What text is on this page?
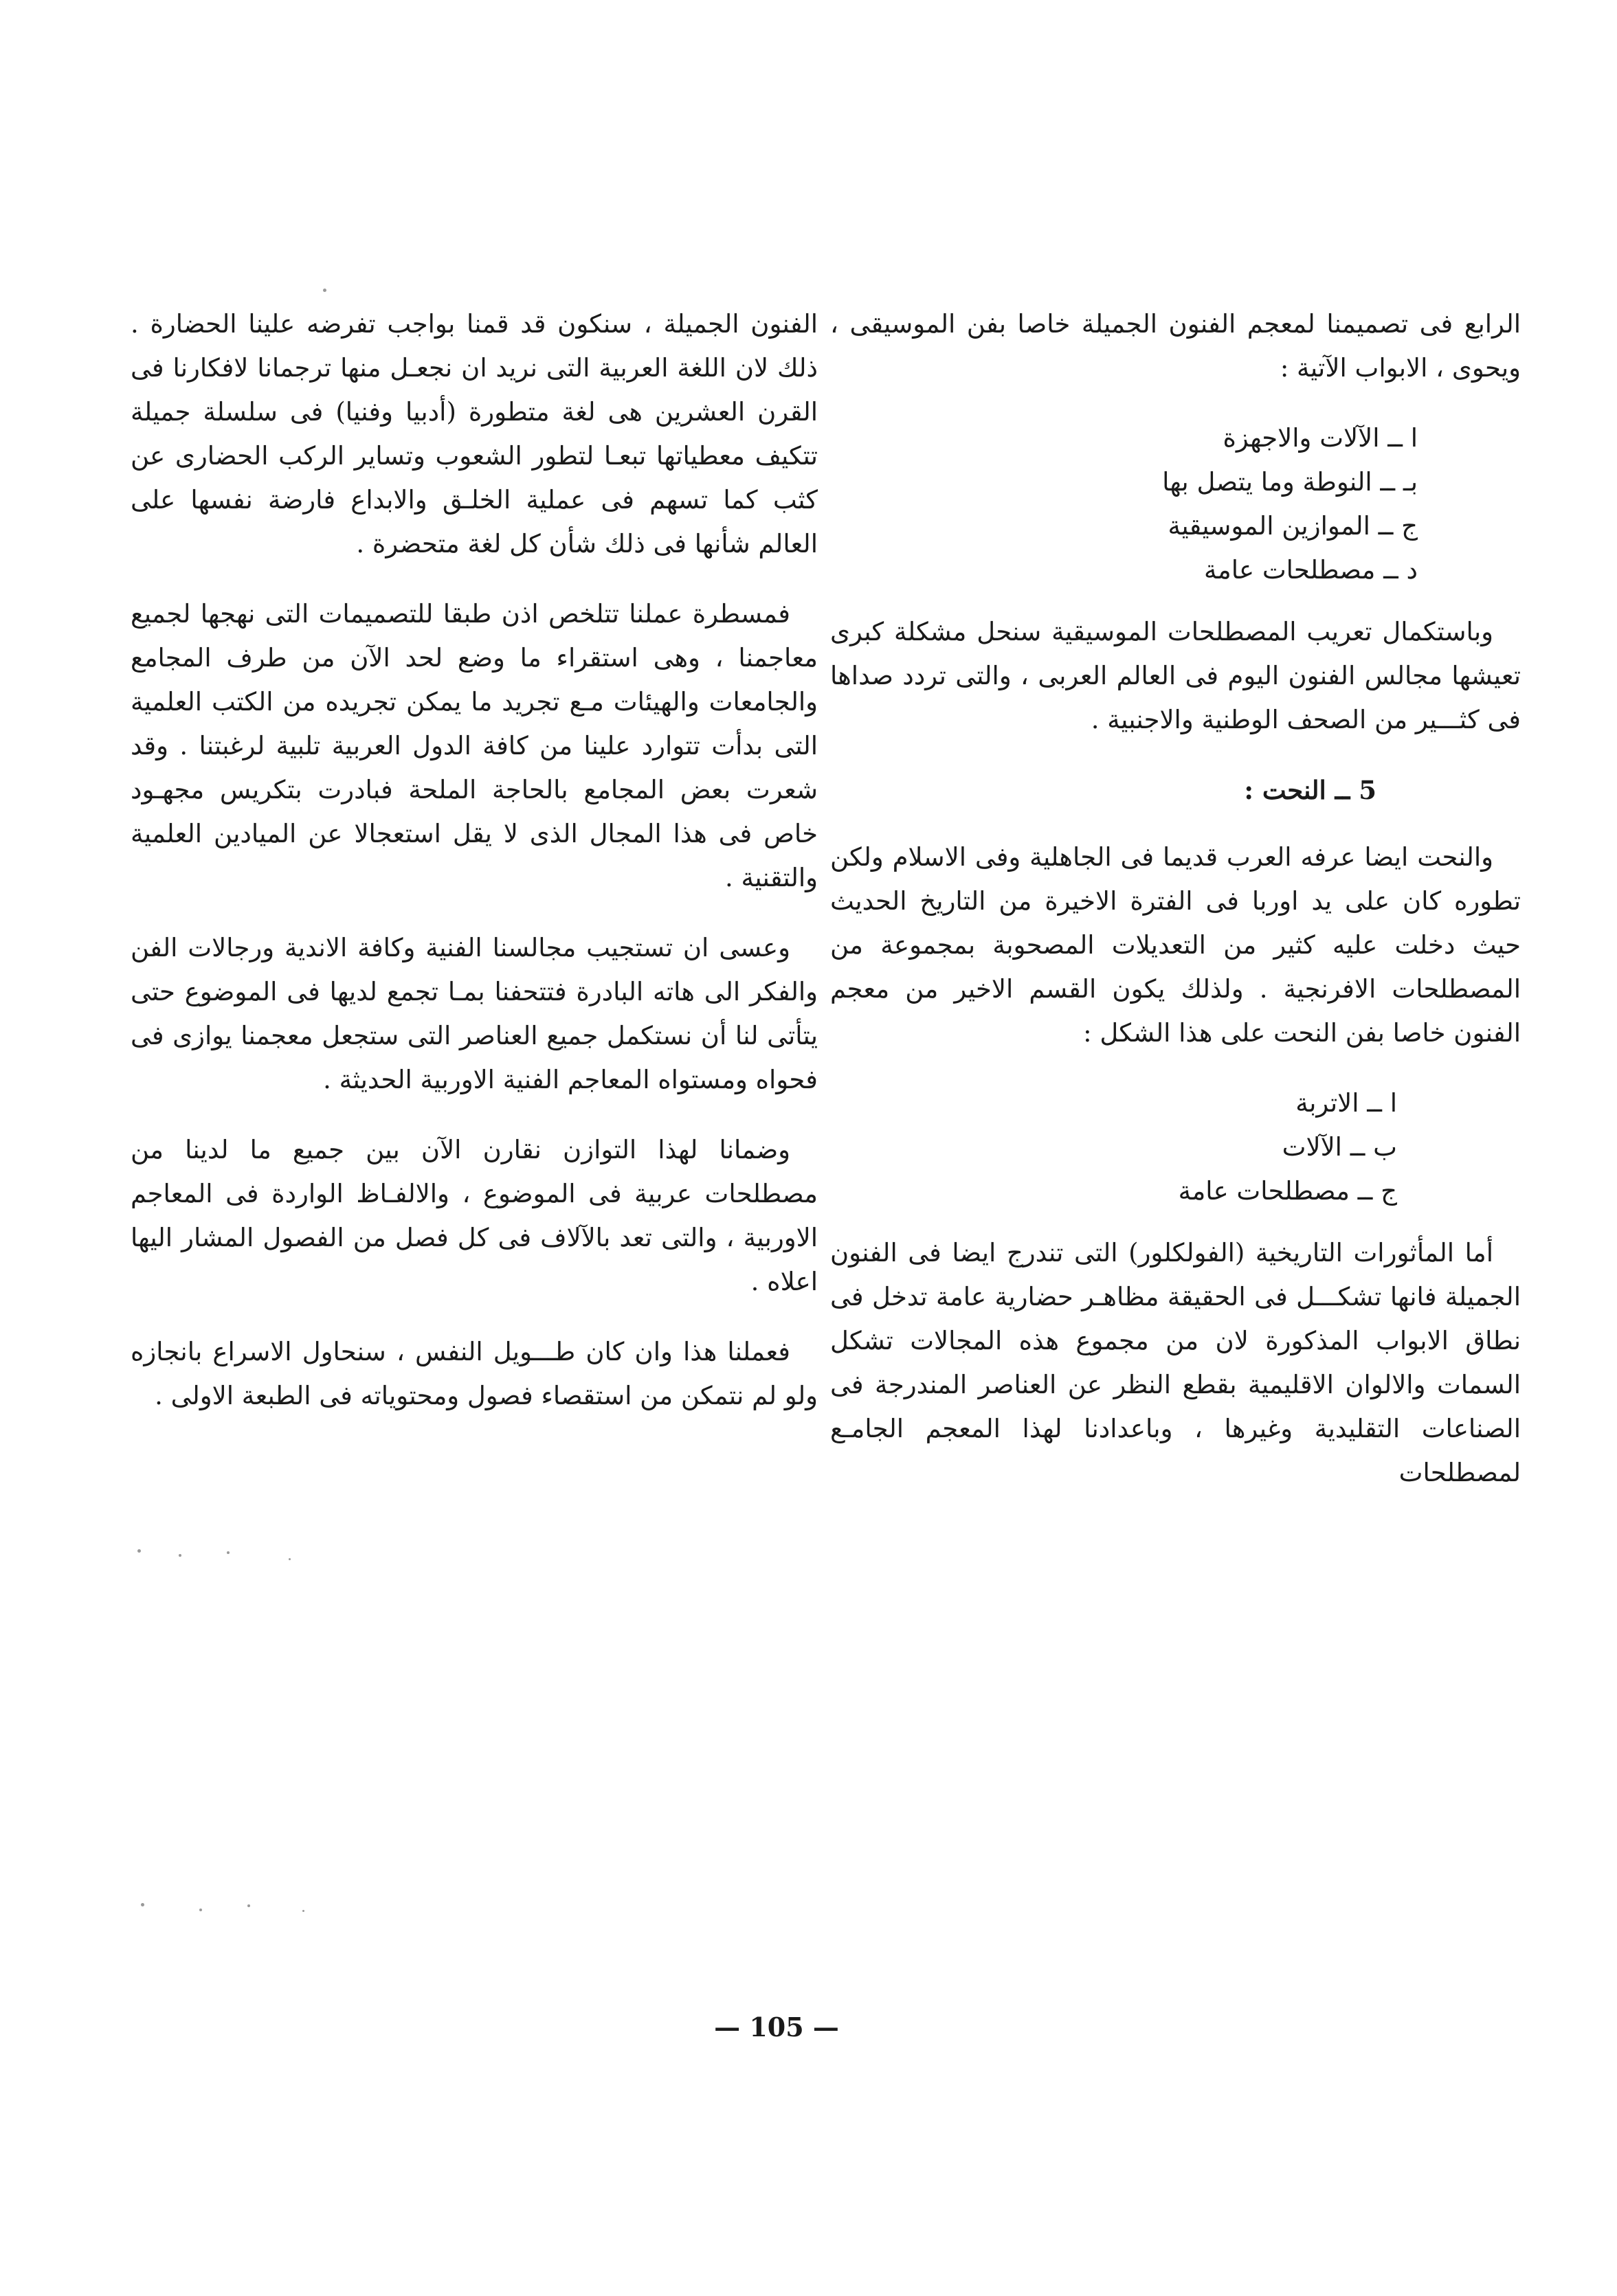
الرابع فى تصميمنا لمعجم الفنون الجميلة خاصا بفن الموسيقى ، ويحوى ، الابواب الآتية :

ا ــ الآلات والاجهزة
بـ ــ النوطة وما يتصل بها
ج ــ الموازين الموسيقية
د ــ مصطلحات عامة

وباستكمال تعريب المصطلحات الموسيقية سنحل مشكلة كبرى تعيشها مجالس الفنون اليوم فى العالم العربى ، والتى تردد صداها فى كثـــير من الصحف الوطنية والاجنبية .

5 ــ النحت :

والنحت ايضا عرفه العرب قديما فى الجاهلية وفى الاسلام ولكن تطوره كان على يد اوربا فى الفترة الاخيرة من التاريخ الحديث حيث دخلت عليه كثير من التعديلات المصحوبة بمجموعة من المصطلحات الافرنجية . ولذلك يكون القسم الاخير من معجم الفنون خاصا بفن النحت على هذا الشكل :

ا ــ الاتربة
ب ــ الآلات
ج ــ مصطلحات عامة

أما المأثورات التاريخية (الفولكلور) التى تندرج ايضا فى الفنون الجميلة فانها تشكـــل فى الحقيقة مظاهـر حضارية عامة تدخل فى نطاق الابواب المذكورة لان من مجموع هذه المجالات تشكل السمات والالوان الاقليمية بقطع النظر عن العناصر المندرجة فى الصناعات التقليدية وغيرها ، وباعدادنا لهذا المعجم الجامـع لمصطلحات

الفنون الجميلة ، سنكون قد قمنا بواجب تفرضه علينا الحضارة . ذلك لان اللغة العربية التى نريد ان نجعـل منها ترجمانا لافكارنا فى القرن العشرين هى لغة متطورة (أدبيا وفنيا) فى سلسلة جميلة تتكيف معطياتها تبعـا لتطور الشعوب وتساير الركب الحضارى عن كثب كما تسهم فى عملية الخلـق والابداع فارضة نفسها على العالم شأنها فى ذلك شأن كل لغة متحضرة .

فمسطرة عملنا تتلخص اذن طبقا للتصميمات التى نهجها لجميع معاجمنا ، وهى استقراء ما وضع لحد الآن من طرف المجامع والجامعات والهيئات مـع تجريد ما يمكن تجريده من الكتب العلمية التى بدأت تتوارد علينا من كافة الدول العربية تلبية لرغبتنا . وقد شعرت بعض المجامع بالحاجة الملحة فبادرت بتكريس مجهـود خاص فى هذا المجال الذى لا يقل استعجالا عن الميادين العلمية والتقنية .

وعسى ان تستجيب مجالسنا الفنية وكافة الاندية ورجالات الفن والفكر الى هاته البادرة فتتحفنا بمـا تجمع لديها فى الموضوع حتى يتأتى لنا أن نستكمل جميع العناصر التى ستجعل معجمنا يوازى فى فحواه ومستواه المعاجم الفنية الاوربية الحديثة .

وضمانا لهذا التوازن نقارن الآن بين جميع ما لدينا من مصطلحات عربية فى الموضوع ، والالفـاظ الواردة فى المعاجم الاوربية ، والتى تعد بالآلاف فى كل فصل من الفصول المشار اليها اعلاه .

فعملنا هذا وان كان طـــويل النفس ، سنحاول الاسراع بانجازه ولو لم نتمكن من استقصاء فصول ومحتوياته فى الطبعة الاولى .

— 105 —
